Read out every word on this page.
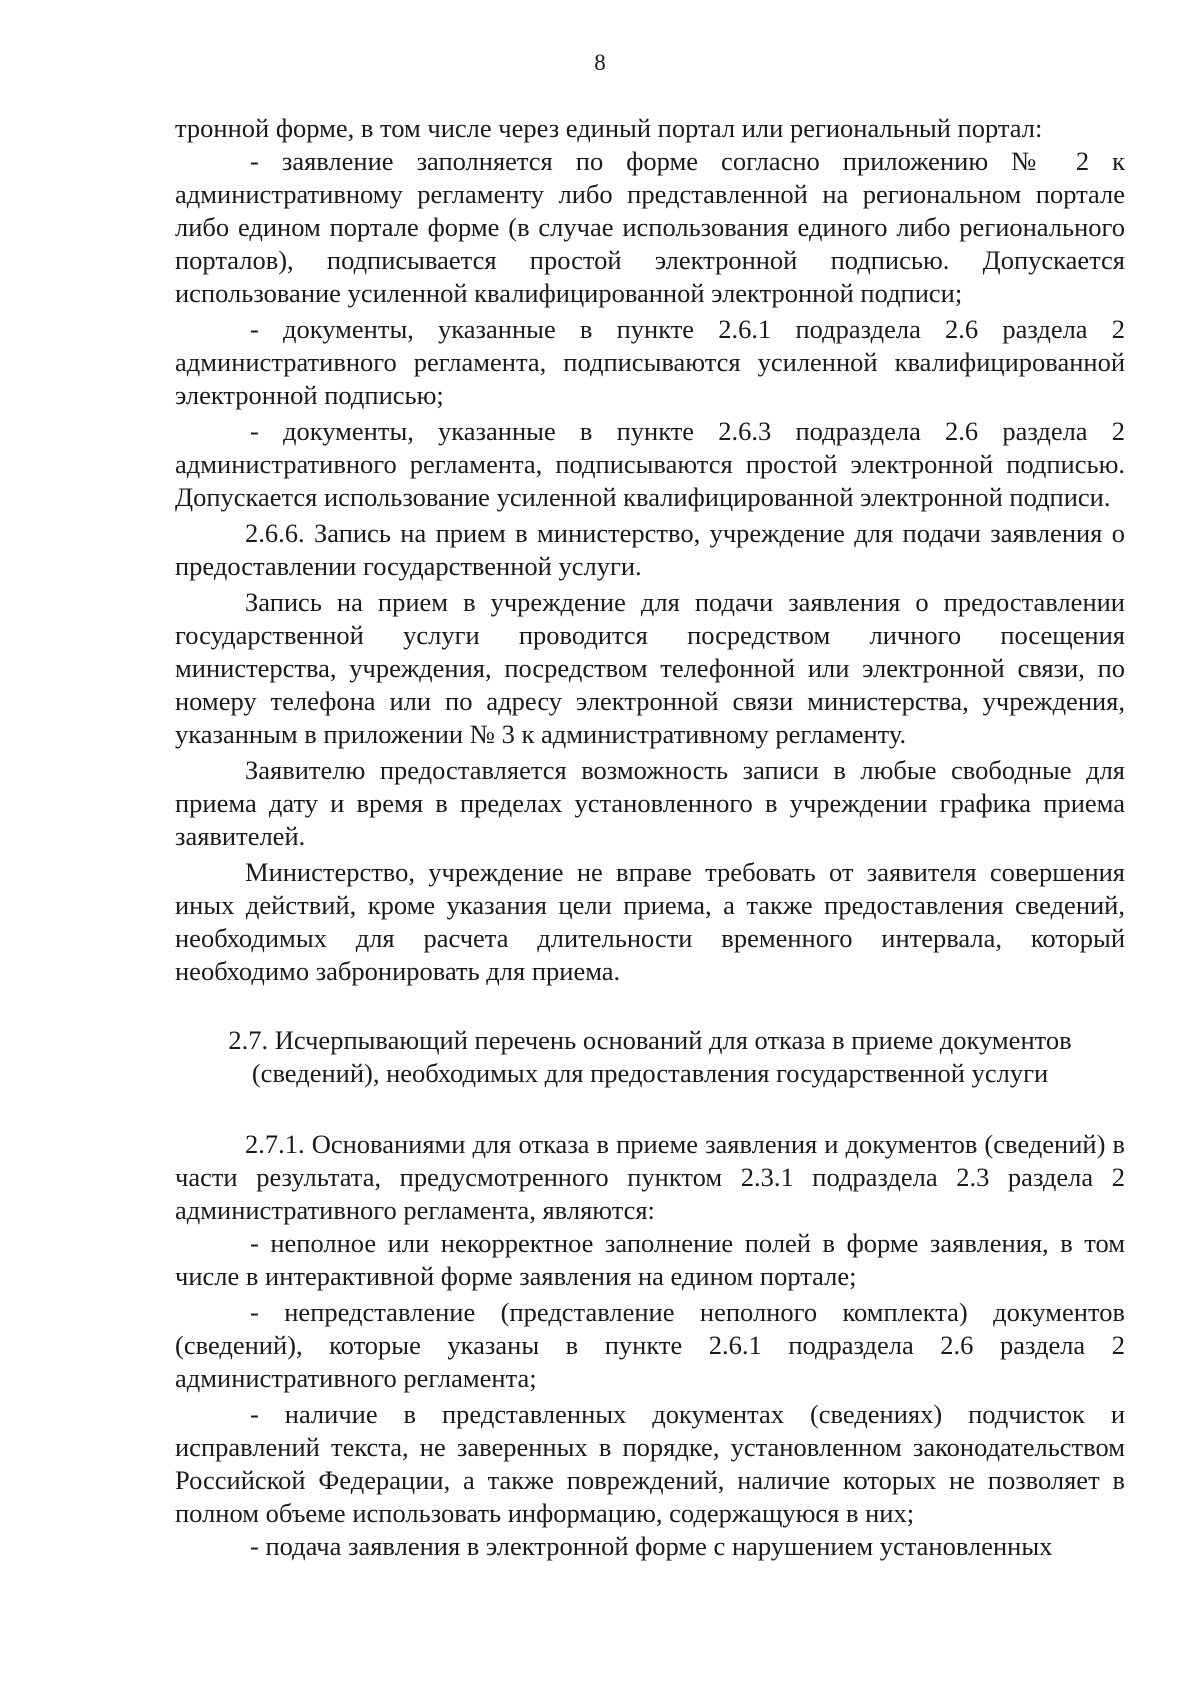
8

тронной форме, в том числе через единый портал или региональный портал:

- заявление заполняется по форме согласно приложению № 2 к административному регламенту либо представленной на региональном портале либо едином портале форме (в случае использования единого либо регионального порталов), подписывается простой электронной подписью. Допускается использование усиленной квалифицированной электронной подписи;

- документы, указанные в пункте 2.6.1 подраздела 2.6 раздела 2 административного регламента, подписываются усиленной квалифицированной электронной подписью;

- документы, указанные в пункте 2.6.3 подраздела 2.6 раздела 2 административного регламента, подписываются простой электронной подписью. Допускается использование усиленной квалифицированной электронной подписи.

2.6.6. Запись на прием в министерство, учреждение для подачи заявления о предоставлении государственной услуги.

Запись на прием в учреждение для подачи заявления о предоставлении государственной услуги проводится посредством личного посещения министерства, учреждения, посредством телефонной или электронной связи, по номеру телефона или по адресу электронной связи министерства, учреждения, указанным в приложении № 3 к административному регламенту.

Заявителю предоставляется возможность записи в любые свободные для приема дату и время в пределах установленного в учреждении графика приема заявителей.

Министерство, учреждение не вправе требовать от заявителя совершения иных действий, кроме указания цели приема, а также предоставления сведений, необходимых для расчета длительности временного интервала, который необходимо забронировать для приема.

2.7. Исчерпывающий перечень оснований для отказа в приеме документов (сведений), необходимых для предоставления государственной услуги

2.7.1. Основаниями для отказа в приеме заявления и документов (сведений) в части результата, предусмотренного пунктом 2.3.1 подраздела 2.3 раздела 2 административного регламента, являются:

- неполное или некорректное заполнение полей в форме заявления, в том числе в интерактивной форме заявления на едином портале;

- непредставление (представление неполного комплекта) документов (сведений), которые указаны в пункте 2.6.1 подраздела 2.6 раздела 2 административного регламента;

- наличие в представленных документах (сведениях) подчисток и исправлений текста, не заверенных в порядке, установленном законодательством Российской Федерации, а также повреждений, наличие которых не позволяет в полном объеме использовать информацию, содержащуюся в них;

- подача заявления в электронной форме с нарушением установленных
